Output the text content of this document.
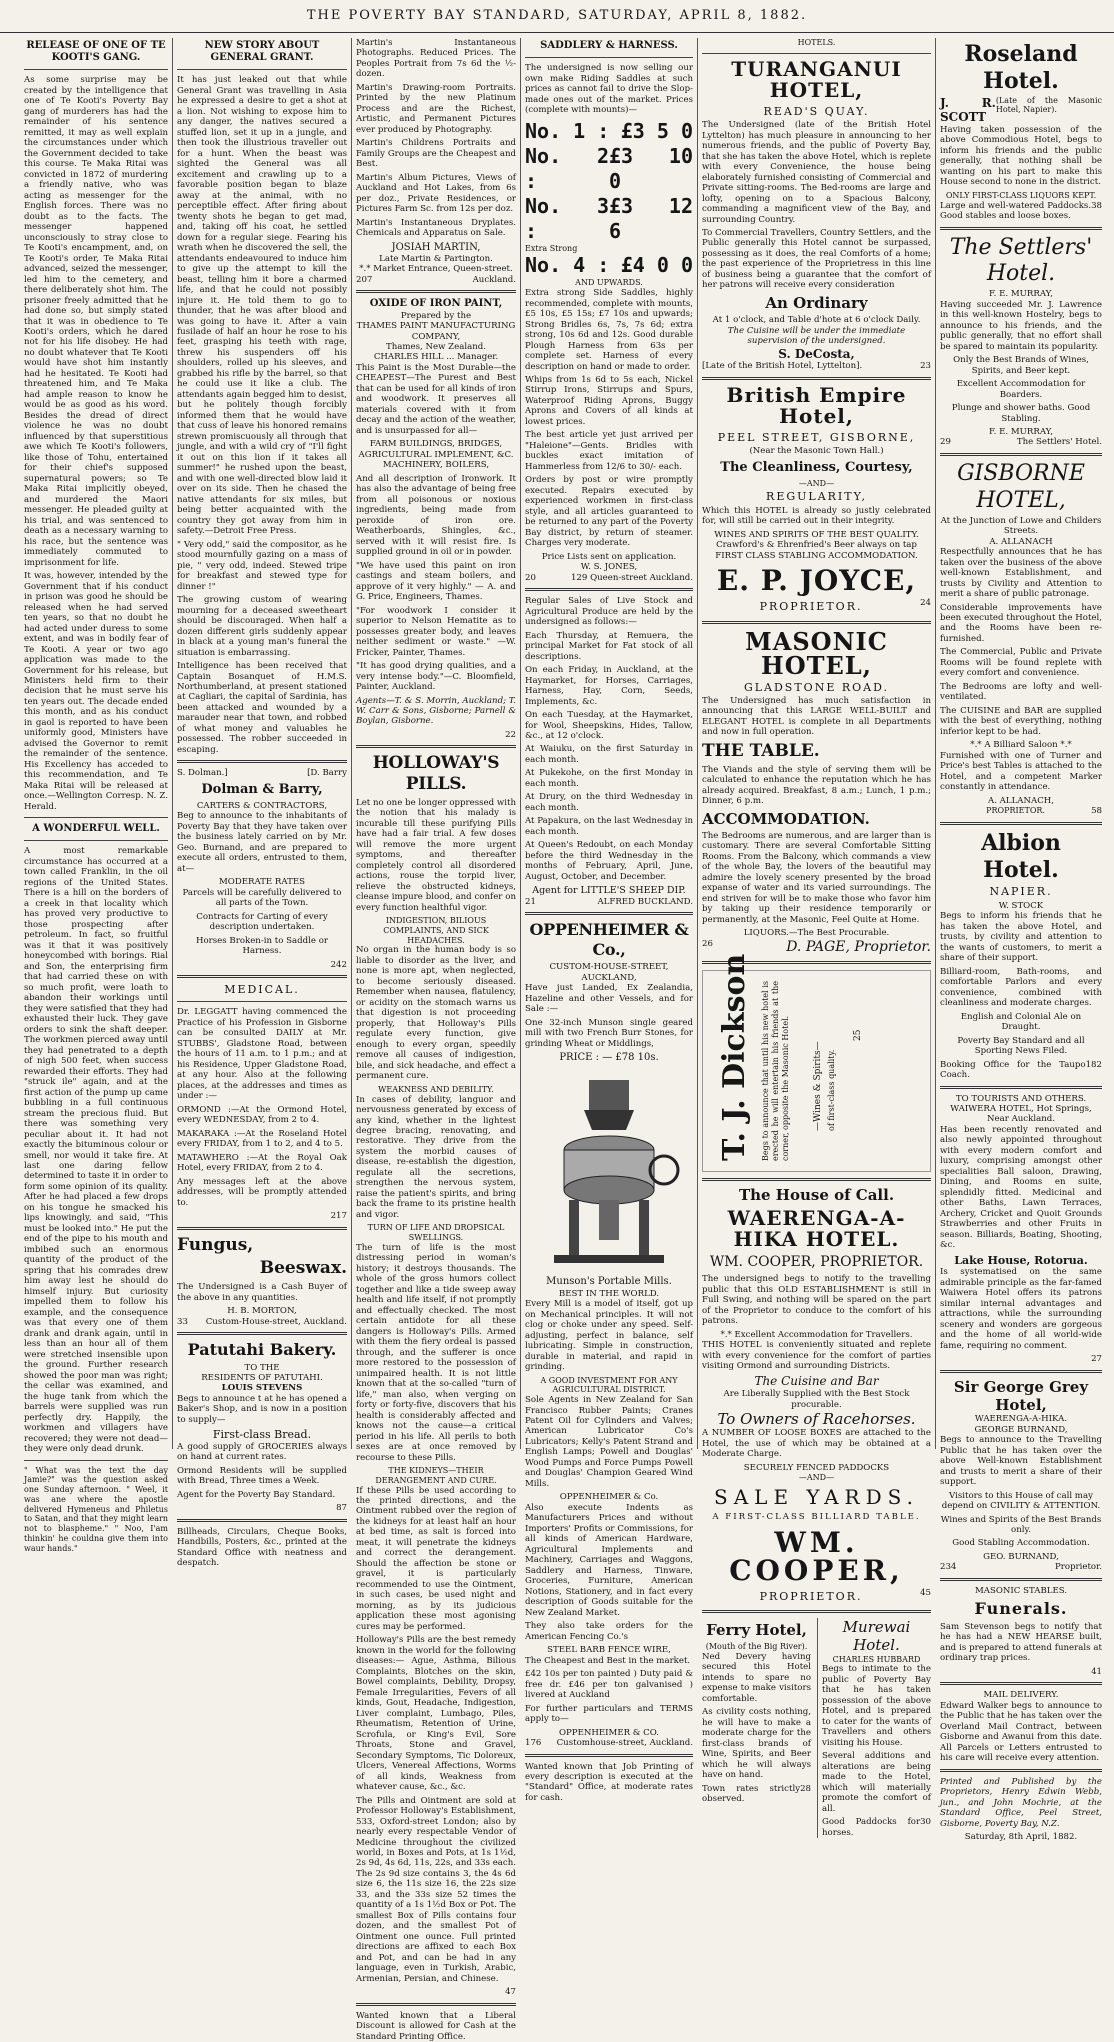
THE POVERTY BAY STANDARD, SATURDAY, APRIL 8, 1882.
RELEASE OF ONE OF TE KOOTI'S GANG.

As some surprise may be created by the intelligence that one of Te Kooti's Poverty Bay gang of murderers has had the remainder of his sentence remitted, it may as well explain the circumstances under which the Government decided to take this course. Te Maka Ritai was convicted in 1872 of murdering a friendly native, who was acting as messenger for the English forces. There was no doubt as to the facts. The messenger happened unconsciously to stray close to Te Kooti's encampment, and, on Te Kooti's order, Te Maka Ritai advanced, seized the messenger, led him to the cemetery, and there deliberately shot him. The prisoner freely admitted that he had done so, but simply stated that it was in obedience to Te Kooti's orders, which he dared not for his life disobey. He had no doubt whatever that Te Kooti would have shot him instantly had he hesitated. Te Kooti had threatened him, and Te Maka had ample reason to know he would be as good as his word. Besides the dread of direct violence he was no doubt influenced by that superstitious awe which Te Kooti's followers, like those of Tohu, entertained for their chief's supposed supernatural powers; so Te Maka Ritai implicitly obeyed, and murdered the Maori messenger. He pleaded guilty at his trial, and was sentenced to death as a necessary warning to his race, but the sentence was immediately commuted to imprisonment for life.

It was, however, intended by the Government that if his conduct in prison was good he should be released when he had served ten years, so that no doubt he had acted under duress to some extent, and was in bodily fear of Te Kooti. A year or two ago application was made to the Government for his release, but Ministers held firm to their decision that he must serve his ten years out. The decade ended this month, and as his conduct in gaol is reported to have been uniformly good, Ministers have advised the Governor to remit the remainder of the sentence. His Excellency has acceded to this recommendation, and Te Maka Ritai will be released at once.—Wellington Corresp. N. Z. Herald.

A WONDERFUL WELL.

A most remarkable circumstance has occurred at a town called Franklin, in the oil regions of the United States. There is a hill on the borders of a creek in that locality which has proved very productive to those prospecting after petroleum. In fact, so fruitful was it that it was positively honeycombed with borings. Rial and Son, the enterprising firm that had carried these on with so much profit, were loath to abandon their workings until they were satisfied that they had exhausted their luck. They gave orders to sink the shaft deeper. The workmen pierced away until they had penetrated to a depth of nigh 500 feet, when success rewarded their efforts. They had "struck ile" again, and at the first action of the pump up came bubbling in a full continuous stream the precious fluid. But there was something very peculiar about it. It had not exactly the bituminous colour or smell, nor would it take fire. At last one daring fellow determined to taste it in order to form some opinion of its quality. After he had placed a few drops on his tongue he smacked his lips knowingly, and said, "This must be looked into." He put the end of the pipe to his mouth and imbibed such an enormous quantity of the product of the spring that his comrades drew him away lest he should do himself injury. But curiosity impelled them to follow his example, and the consequence was that every one of them drank and drank again, until in less than an hour all of them were stretched insensible upon the ground. Further research showed the poor man was right; the cellar was examined, and the huge tank from which the barrels were supplied was run perfectly dry. Happily, the workmen and villagers have recovered; they were not dead—they were only dead drunk.

" What was the text the day Jamie?" was the question asked one Sunday afternoon. " Weel, it was ane where the apostle delivered Hymeneus and Philetus to Satan, and that they might learn not to blaspheme." " Noo, I'am thinkin' he couldna give them into waur hands."

NEW STORY ABOUT GENERAL GRANT.

It has just leaked out that while General Grant was travelling in Asia he expressed a desire to get a shot at a lion. Not wishing to expose him to any danger, the natives secured a stuffed lion, set it up in a jungle, and then took the illustrious traveller out for a hunt. When the beast was sighted the General was all excitement and crawling up to a favorable position began to blaze away at the animal, with no perceptible effect. After firing about twenty shots he began to get mad, and, taking off his coat, he settled down for a regular siege. Fearing his wrath when he discovered the sell, the attendants endeavoured to induce him to give up the attempt to kill the beast, telling him it bore a charmed life, and that he could not possibly injure it. He told them to go to thunder, that he was after blood and was going to have it. After a vain fusilade of half an hour he rose to his feet, grasping his teeth with rage, threw his suspenders off his shoulders, rolled up his sleeves, and grabbed his rifle by the barrel, so that he could use it like a club. The attendants again begged him to desist, but he politely though forcibly informed them that he would have that cuss of leave his honored remains strewn promiscuously all through that jungle, and with a wild cry of "I'll fight it out on this lion if it takes all summer!" he rushed upon the beast, and with one well-directed blow laid it over on its side. Then he chased the native attendants for six miles, but being better acquainted with the country they got away from him in safety.—Detroit Free Press.

" Very odd," said the compositor, as he stood mournfully gazing on a mass of pie, " very odd, indeed. Stewed tripe for breakfast and stewed type for dinner !"

The growing custom of wearing mourning for a deceased sweetheart should be discouraged. When half a dozen different girls suddenly appear in black at a young man's funeral the situation is embarrassing.

Intelligence has been received that Captain Bosanquet of H.M.S. Northumberland, at present stationed at Cagliari, the capital of Sardinia, has been attacked and wounded by a marauder near that town, and robbed of what money and valuables he possessed. The robber succeeded in escaping.

S. Dolman.]	[D. Barry
Dolman & Barry,
CARTERS & CONTRACTORS,

Beg to announce to the inhabitants of Poverty Bay that they have taken over the business lately carried on by Mr. Geo. Burnand, and are prepared to execute all orders, entrusted to them, at—

MODERATE RATES

Parcels will be carefully delivered to all parts of the Town.

Contracts for Carting of every description undertaken.

Horses Broken-in to Saddle or Harness.

242
MEDICAL.

Dr. LEGGATT having commenced the Practice of his Profession in Gisborne can be consulted DAILY at Mr. STUBBS', Gladstone Road, between the hours of 11 a.m. to 1 p.m.; and at his Residence, Upper Gladstone Road, at any hour. Also at the following places, at the addresses and times as under :—

ORMOND :—At the Ormond Hotel, every WEDNESDAY, from 2 to 4.

MAKARAKA :—At the Roseland Hotel every FRIDAY, from 1 to 2, and 4 to 5.

MATAWHERO :—At the Royal Oak Hotel, every FRIDAY, from 2 to 4.

Any messages left at the above addresses, will be promptly attended to.

217
Fungus,
Beeswax.

The Undersigned is a Cash Buyer of the above in any quantities.

H. B. MORTON,
33 Custom-House-street, Auckland.
Patutahi Bakery.
TO THE
RESIDENTS OF PATUTAHI.
LOUIS STEVENS

Begs to announce t at he has opened a Baker's Shop, and is now in a position to supply—

First-class Bread.

A good supply of GROCERIES always on hand at current rates.

Ormond Residents will be supplied with Bread, Three times a Week.

Agent for the Poverty Bay Standard.

87

Billheads, Circulars, Cheque Books, Handbills, Posters, &c., printed at the Standard Office with neatness and despatch.

Martin's Instantaneous Photographs. Reduced Prices. The Peoples Portrait from 7s 6d the ½-dozen.

Martin's Drawing-room Portraits. Printed by the new Platinum Process and are the Richest, Artistic, and Permanent Pictures ever produced by Photography.

Martin's Childrens Portraits and Family Groups are the Cheapest and Best.

Martin's Album Pictures, Views of Auckland and Hot Lakes, from 6s per doz., Private Residences, or Pictures Farm Sc. from 12s per doz.

Martin's Instantaneous Dryplates. Chemicals and Apparatus on Sale.

JOSIAH MARTIN,
Late Martin & Partington.
*.* Market Entrance, Queen-street.
207	Auckland.
OXIDE OF IRON PAINT,
Prepared by the
THAMES PAINT MANUFACTURING COMPANY,
Thames, New Zealand.
CHARLES HILL ... Manager.

This Paint is the Most Durable—the CHEAPEST—The Purest and Best that can be used for all kinds of iron and woodwork. It preserves all materials covered with it from decay and the action of the weather, and is unsurpassed for all—

FARM BUILDINGS, BRIDGES, AGRICULTURAL IMPLEMENT, &C. MACHINERY, BOILERS,

And all description of Ironwork. It has also the advantage of being free from all poisonous or noxious ingredients, being made from peroxide of iron ore. Weatherboards, Shingles, &c., served with it will resist fire. Is supplied ground in oil or in powder.

"We have used this paint on iron castings and steam boilers, and approve of it very highly." — A. and G. Price, Engineers, Thames.

"For woodwork I consider it superior to Nelson Hematite as to possesses greater body, and leaves neither sediment or waste." —W. Fricker, Painter, Thames.

"It has good drying qualities, and a very intense body."—C. Bloomfield, Painter, Auckland.

Agents—T. & S. Morrin, Auckland; T. W. Carr & Sons, Gisborne; Parnell & Boylan, Gisborne.

22
HOLLOWAY'S PILLS.

Let no one be longer oppressed with the notion that his malady is incurable till these purifying Pills have had a fair trial. A few doses will remove the more urgent symptoms, and thereafter completely control all disordered actions, rouse the torpid liver, relieve the obstructed kidneys, cleanse impure blood, and confer on every function healthful vigor.

INDIGESTION, BILIOUS COMPLAINTS, AND SICK HEADACHES.

No organ in the human body is so liable to disorder as the liver, and none is more apt, when neglected, to become seriously diseased. Remember when nausea, flatulency, or acidity on the stomach warns us that digestion is not proceeding properly, that Holloway's Pills regulate every function, give enough to every organ, speedily remove all causes of indigestion, bile, and sick headache, and effect a permanent cure.

WEAKNESS AND DEBILITY.

In cases of debility, languor and nervousness generated by excess of any kind, whether in the lightest degree bracing, renovating, and restorative. They drive from the system the morbid causes of disease, re-establish the digestion, regulate all the secretions, strengthen the nervous system, raise the patient's spirits, and bring back the frame to its pristine health and vigor.

TURN OF LIFE AND DROPSICAL SWELLINGS.

The turn of life is the most distressing period in woman's history; it destroys thousands. The whole of the gross humors collect together and like a tide sweep away health and life itself, if not promptly and effectually checked. The most certain antidote for all these dangers is Holloway's Pills. Armed with them the fiery ordeal is passed through, and the sufferer is once more restored to the possession of unimpaired health. It is not little known that at the so-called "turn of life," man also, when verging on forty or forty-five, discovers that his health is considerably affected and knows not the cause—a critical period in his life. All perils to both sexes are at once removed by recourse to these Pills.

THE KIDNEYS—THEIR DERANGEMENT AND CURE.

If these Pills be used according to the printed directions, and the Ointment rubbed over the region of the kidneys for at least half an hour at bed time, as salt is forced into meat, it will penetrate the kidneys and correct the derangement. Should the affection be stone or gravel, it is particularly recommended to use the Ointment, in such cases, be used night and morning, as by its judicious application these most agonising cures may be performed.

Holloway's Pills are the best remedy known in the world for the following diseases:— Ague, Asthma, Bilious Complaints, Blotches on the skin, Bowel complaints, Debility, Dropsy, Female Irregularities, Fevers of all kinds, Gout, Headache, Indigestion, Liver complaint, Lumbago, Piles, Rheumatism, Retention of Urine, Scrofula, or King's Evil, Sore Throats, Stone and Gravel, Secondary Symptoms, Tic Doloreux, Ulcers, Venereal Affections, Worms of all kinds, Weakness from whatever cause, &c., &c.

The Pills and Ointment are sold at Professor Holloway's Establishment, 533, Oxford-street London; also by nearly every respectable Vendor of Medicine throughout the civilized world, in Boxes and Pots, at 1s 1½d, 2s 9d, 4s 6d, 11s, 22s, and 33s each. The 2s 9d size contains 3, the 4s 6d size 6, the 11s size 16, the 22s size 33, and the 33s size 52 times the quantity of a 1s 1½d Box or Pot. The smallest Box of Pills contains four dozen, and the smallest Pot of Ointment one ounce. Full printed directions are affixed to each Box and Pot, and can be had in any language, even in Turkish, Arabic, Armenian, Persian, and Chinese.

47

Wanted known that a Liberal Discount is allowed for Cash at the Standard Printing Office.

SADDLERY & HARNESS.

The undersigned is now selling our own make Riding Saddles at such prices as cannot fail to drive the Slop-made ones out of the market. Prices (complete with mounts)—

No. 1 : £3 5 0
No. 2 :
£3 10 0
No. 3 :
£3 12 6
Extra Strong
No. 4 : £4 0 0
AND UPWARDS.

Extra strong Side Saddles, highly recommended, complete with mounts, £5 10s, £5 15s; £7 10s and upwards; Strong Bridles 6s, 7s, 7s 6d; extra strong, 10s 6d and 12s. Good durable Plough Harness from 63s per complete set. Harness of every description on hand or made to order.

Whips from 1s 6d to 5s each, Nickel Stirrup Irons, Stirrups and Spurs, Waterproof Riding Aprons, Buggy Aprons and Covers of all kinds at lowest prices.

The best article yet just arrived per "Haleione"—Gents. Bridles with buckles exact imitation of Hammerless from 12/6 to 30/- each.

Orders by post or wire promptly executed. Repairs executed by experienced workmen in first-class style, and all articles guaranteed to be returned to any part of the Poverty Bay district, by return of steamer. Charges very moderate.

Price Lists sent on application.
W. S. JONES,
20	129 Queen-street Auckland.

Regular Sales of Live Stock and Agricultural Produce are held by the undersigned as follows:—

Each Thursday, at Remuera, the principal Market for Fat stock of all descriptions.

On each Friday, in Auckland, at the Haymarket, for Horses, Carriages, Harness, Hay, Corn, Seeds, Implements, &c.

On each Tuesday, at the Haymarket, for Wool, Sheepskins, Hides, Tallow, &c., at 12 o'clock.

At Waiuku, on the first Saturday in each month.

At Pukekohe, on the first Monday in each month.

At Drury, on the third Wednesday in each month.

At Papakura, on the last Wednesday in each month.

At Queen's Redoubt, on each Monday before the third Wednesday in the months of February, April, June, August, October, and December.

Agent for LITTLE'S SHEEP DIP.
21	ALFRED BUCKLAND.
OPPENHEIMER & Co.,
CUSTOM-HOUSE-STREET, AUCKLAND,

Have just Landed, Ex Zealandia, Hazeline and other Vessels, and for Sale :—

One 32-inch Munson single geared mill with two French Burr Stones, for grinding Wheat or Middlings,

PRICE : — £78 10s.
Munson's Portable Mills.
BEST IN THE WORLD.

Every Mill is a model of itself, got up on Mechanical principles. It will not clog or choke under any speed. Self-adjusting, perfect in balance, self lubricating. Simple in construction, durable in material, and rapid in grinding.

A GOOD INVESTMENT FOR ANY AGRICULTURAL DISTRICT.

Sole Agents in New Zealand for San Francisco Rubber Paints; Cranes Patent Oil for Cylinders and Valves; American Lubricator Co's Lubricators; Kelly's Patent Strand and English Lamps; Powell and Douglas' Wood Pumps and Force Pumps Powell and Douglas' Champion Geared Wind Mills.

OPPENHEIMER & Co.

Also execute Indents as Manufacturers Prices and without Importers' Profits or Commissions, for all kinds of American Hardware, Agricultural Implements and Machinery, Carriages and Waggons, Saddlery and Harness, Tinware, Groceries, Furniture, American Notions, Stationery, and in fact every description of Goods suitable for the New Zealand Market.

They also take orders for the American Fencing Co.'s

STEEL BARB FENCE WIRE,

The Cheapest and Best in the market.

£42 10s per ton painted ) Duty paid & free dr. £46 per ton galvanised ) livered at Auckland

For further particulars and TERMS apply to—

OPPENHEIMER & CO.
176 Customhouse-street, Auckland.

Wanted known that Job Printing of every description is executed at the "Standard" Office, at moderate rates for cash.

HOTELS.
TURANGANUI HOTEL,
READ'S QUAY.

The Undersigned (late of the British Hotel Lyttelton) has much pleasure in announcing to her numerous friends, and the public of Poverty Bay, that she has taken the above Hotel, which is replete with every Convenience, the house being elaborately furnished consisting of Commercial and Private sitting-rooms. The Bed-rooms are large and lofty, opening on to a Spacious Balcony, commanding a magnificent view of the Bay, and surrounding Country.

To Commercial Travellers, Country Settlers, and the Public generally this Hotel cannot be surpassed, possessing as it does, the real Comforts of a home; the past experience of the Proprietress in this line of business being a guarantee that the comfort of her patrons will receive every consideration

An Ordinary
At 1 o'clock, and Table d'hote at 6 o'clock Daily.
The Cuisine will be under the immediate supervision of the undersigned.
S. DeCosta,
[Late of the British Hotel, Lyttelton].	23
British Empire Hotel,
PEEL STREET, GISBORNE,
(Near the Masonic Town Hall.)
The Cleanliness, Courtesy,
—AND—
REGULARITY,

Which this HOTEL is already so justly celebrated for, will still be carried out in their integrity.

WINES AND SPIRITS OF THE BEST QUALITY.
Crawford's & Ehrenfried's Beer always on tap
FIRST CLASS STABLING ACCOMMODATION.
E. P. JOYCE,
PROPRIETOR.	24
MASONIC HOTEL,
GLADSTONE ROAD.

The Undersigned has much satisfaction in announcing that this LARGE WELL-BUILT and ELEGANT HOTEL is complete in all Departments and now in full operation.

THE TABLE.

The Viands and the style of serving them will be calculated to enhance the reputation which he has already acquired. Breakfast, 8 a.m.; Lunch, 1 p.m.; Dinner, 6 p.m.

ACCOMMODATION.

The Bedrooms are numerous, and are larger than is customary. There are several Comfortable Sitting Rooms. From the Balcony, which commands a view of the whole Bay, the lovers of the beautiful may admire the lovely scenery presented by the broad expanse of water and its varied surroundings. The end striven for will be to make those who favor him by taking up their residence temporarily or permanently, at the Masonic, Feel Quite at Home.

LIQUORS.—The Best Procurable.
26	D. PAGE, Proprietor.
T. J. Dickson Begs to announce that until his new hotel is erected he will entertain his friends at the corner, opposite the Masonic Hotel.	—Wines & Spirits— of first-class quality.
25
The House of Call.
WAERENGA-A-HIKA HOTEL.
WM. COOPER, PROPRIETOR.

The undersigned begs to notify to the travelling public that this OLD ESTABLISHMENT is still in Full Swing, and nothing will be spared on the part of the Proprietor to conduce to the comfort of his patrons.

*.* Excellent Accommodation for Travellers.

THIS HOTEL is conveniently situated and replete with every convenience for the comfort of parties visiting Ormond and surrounding Districts.

The Cuisine and Bar
Are Liberally Supplied with the Best Stock procurable.
To Owners of Racehorses.

A NUMBER OF LOOSE BOXES are attached to the Hotel, the use of which may be obtained at a Moderate Charge.

SECURELY FENCED PADDOCKS
—AND—
SALE YARDS.
A FIRST-CLASS BILLIARD TABLE.
WM. COOPER,
PROPRIETOR.	45
Ferry Hotel,
(Mouth of the Big River).

Ned Devery having secured this Hotel intends to spare no expense to make visitors comfortable.

As civility costs nothing, he will have to make a moderate charge for the first-class brands of Wine, Spirits, and Beer which he will always have on hand.

Town rates strictly observed.
28
Murewai Hotel.
CHARLES HUBBARD

Begs to intimate to the public of Poverty Bay that he has taken possession of the above Hotel, and is prepared to cater for the wants of Travellers and others visiting his House.

Several additions and alterations are being made to the Hotel, which will materially promote the comfort of all.

Good Paddocks for horses.
30
Roseland Hotel.
J. R. SCOTT
(Late of the Masonic Hotel, Napier).

Having taken possession of the above Commodious Hotel, begs to inform his friends and the public generally, that nothing shall be wanting on his part to make this House second to none in the district.

ONLY FIRST-CLASS LIQUORS KEPT.
Large and well-watered Paddocks. Good stables and loose boxes.
38
The Settlers' Hotel.
F. E. MURRAY,

Having succeeded Mr. J. Lawrence in this well-known Hostelry, begs to announce to his friends, and the public generally, that no effort shall be spared to maintain its popularity.

Only the Best Brands of Wines, Spirits, and Beer kept.

Excellent Accommodation for Boarders.

Plunge and shower baths. Good Stabling.

F. E. MURRAY,
29	The Settlers' Hotel.
GISBORNE HOTEL,
At the Junction of Lowe and Childers Streets.
A. ALLANACH

Respectfully announces that he has taken over the business of the above well-known Establishment, and trusts by Civility and Attention to merit a share of public patronage.

Considerable improvements have been executed throughout the Hotel, and the Rooms have been re-furnished.

The Commercial, Public and Private Rooms will be found replete with every comfort and convenience.

The Bedrooms are lofty and well-ventilated.

The CUISINE and BAR are supplied with the best of everything, nothing inferior kept to be had.

*.* A Billiard Saloon *.*

Furnished with one of Turner and Price's best Tables is attached to the Hotel, and a competent Marker constantly in attendance.

A. ALLANACH,
PROPRIETOR.	58
Albion Hotel.
NAPIER.
W. STOCK

Begs to inform his friends that he has taken the above Hotel, and trusts, by civility and attention to the wants of customers, to merit a share of their support.

Billiard-room, Bath-rooms, and comfortable Parlors and every convenience, combined with cleanliness and moderate charges.

English and Colonial Ale on Draught.

Poverty Bay Standard and all Sporting News Filed.

Booking Office for the Taupo Coach.
182
TO TOURISTS AND OTHERS.
WAIWERA HOTEL, Hot Springs,
Near Auckland.

Has been recently renovated and also newly appointed throughout with every modern comfort and luxury, comprising amongst other specialities Ball saloon, Drawing, Dining, and Rooms en suite, splendidly fitted. Medicinal and other Baths, Lawn Terraces, Archery, Cricket and Quoit Grounds Strawberries and other Fruits in season. Billiards, Boating, Shooting, &c.

Lake House, Rotorua.

Is systematised on the same admirable principle as the far-famed Waiwera Hotel offers its patrons similar internal advantages and attractions, while the surrounding scenery and wonders are gorgeous and the home of all world-wide fame, requiring no comment.

27
Sir George Grey Hotel,
WAERENGA-A-HIKA.
GEORGE BURNAND,

Begs to announce to the Travelling Public that he has taken over the above Well-known Establishment and trusts to merit a share of their support.

Visitors to this House of call may depend on CIVILITY & ATTENTION.

Wines and Spirits of the Best Brands only.

Good Stabling Accommodation.

GEO. BURNAND,
234	Proprietor.
MASONIC STABLES.
Funerals.

Sam Stevenson begs to notify that he has had a NEW HEARSE built, and is prepared to attend funerals at ordinary trap prices.

41
MAIL DELIVERY.

Edward Walker begs to announce to the Public that he has taken over the Overland Mail Contract, between Gisborne and Awanui from this date. All Parcels or Letters entrusted to his care will receive every attention.

Printed and Published by the Proprietors, Henry Edwin Webb, jun., and John Mochrie, at the Standard Office, Peel Street, Gisborne, Poverty Bay, N.Z.

Saturday, 8th April, 1882.
